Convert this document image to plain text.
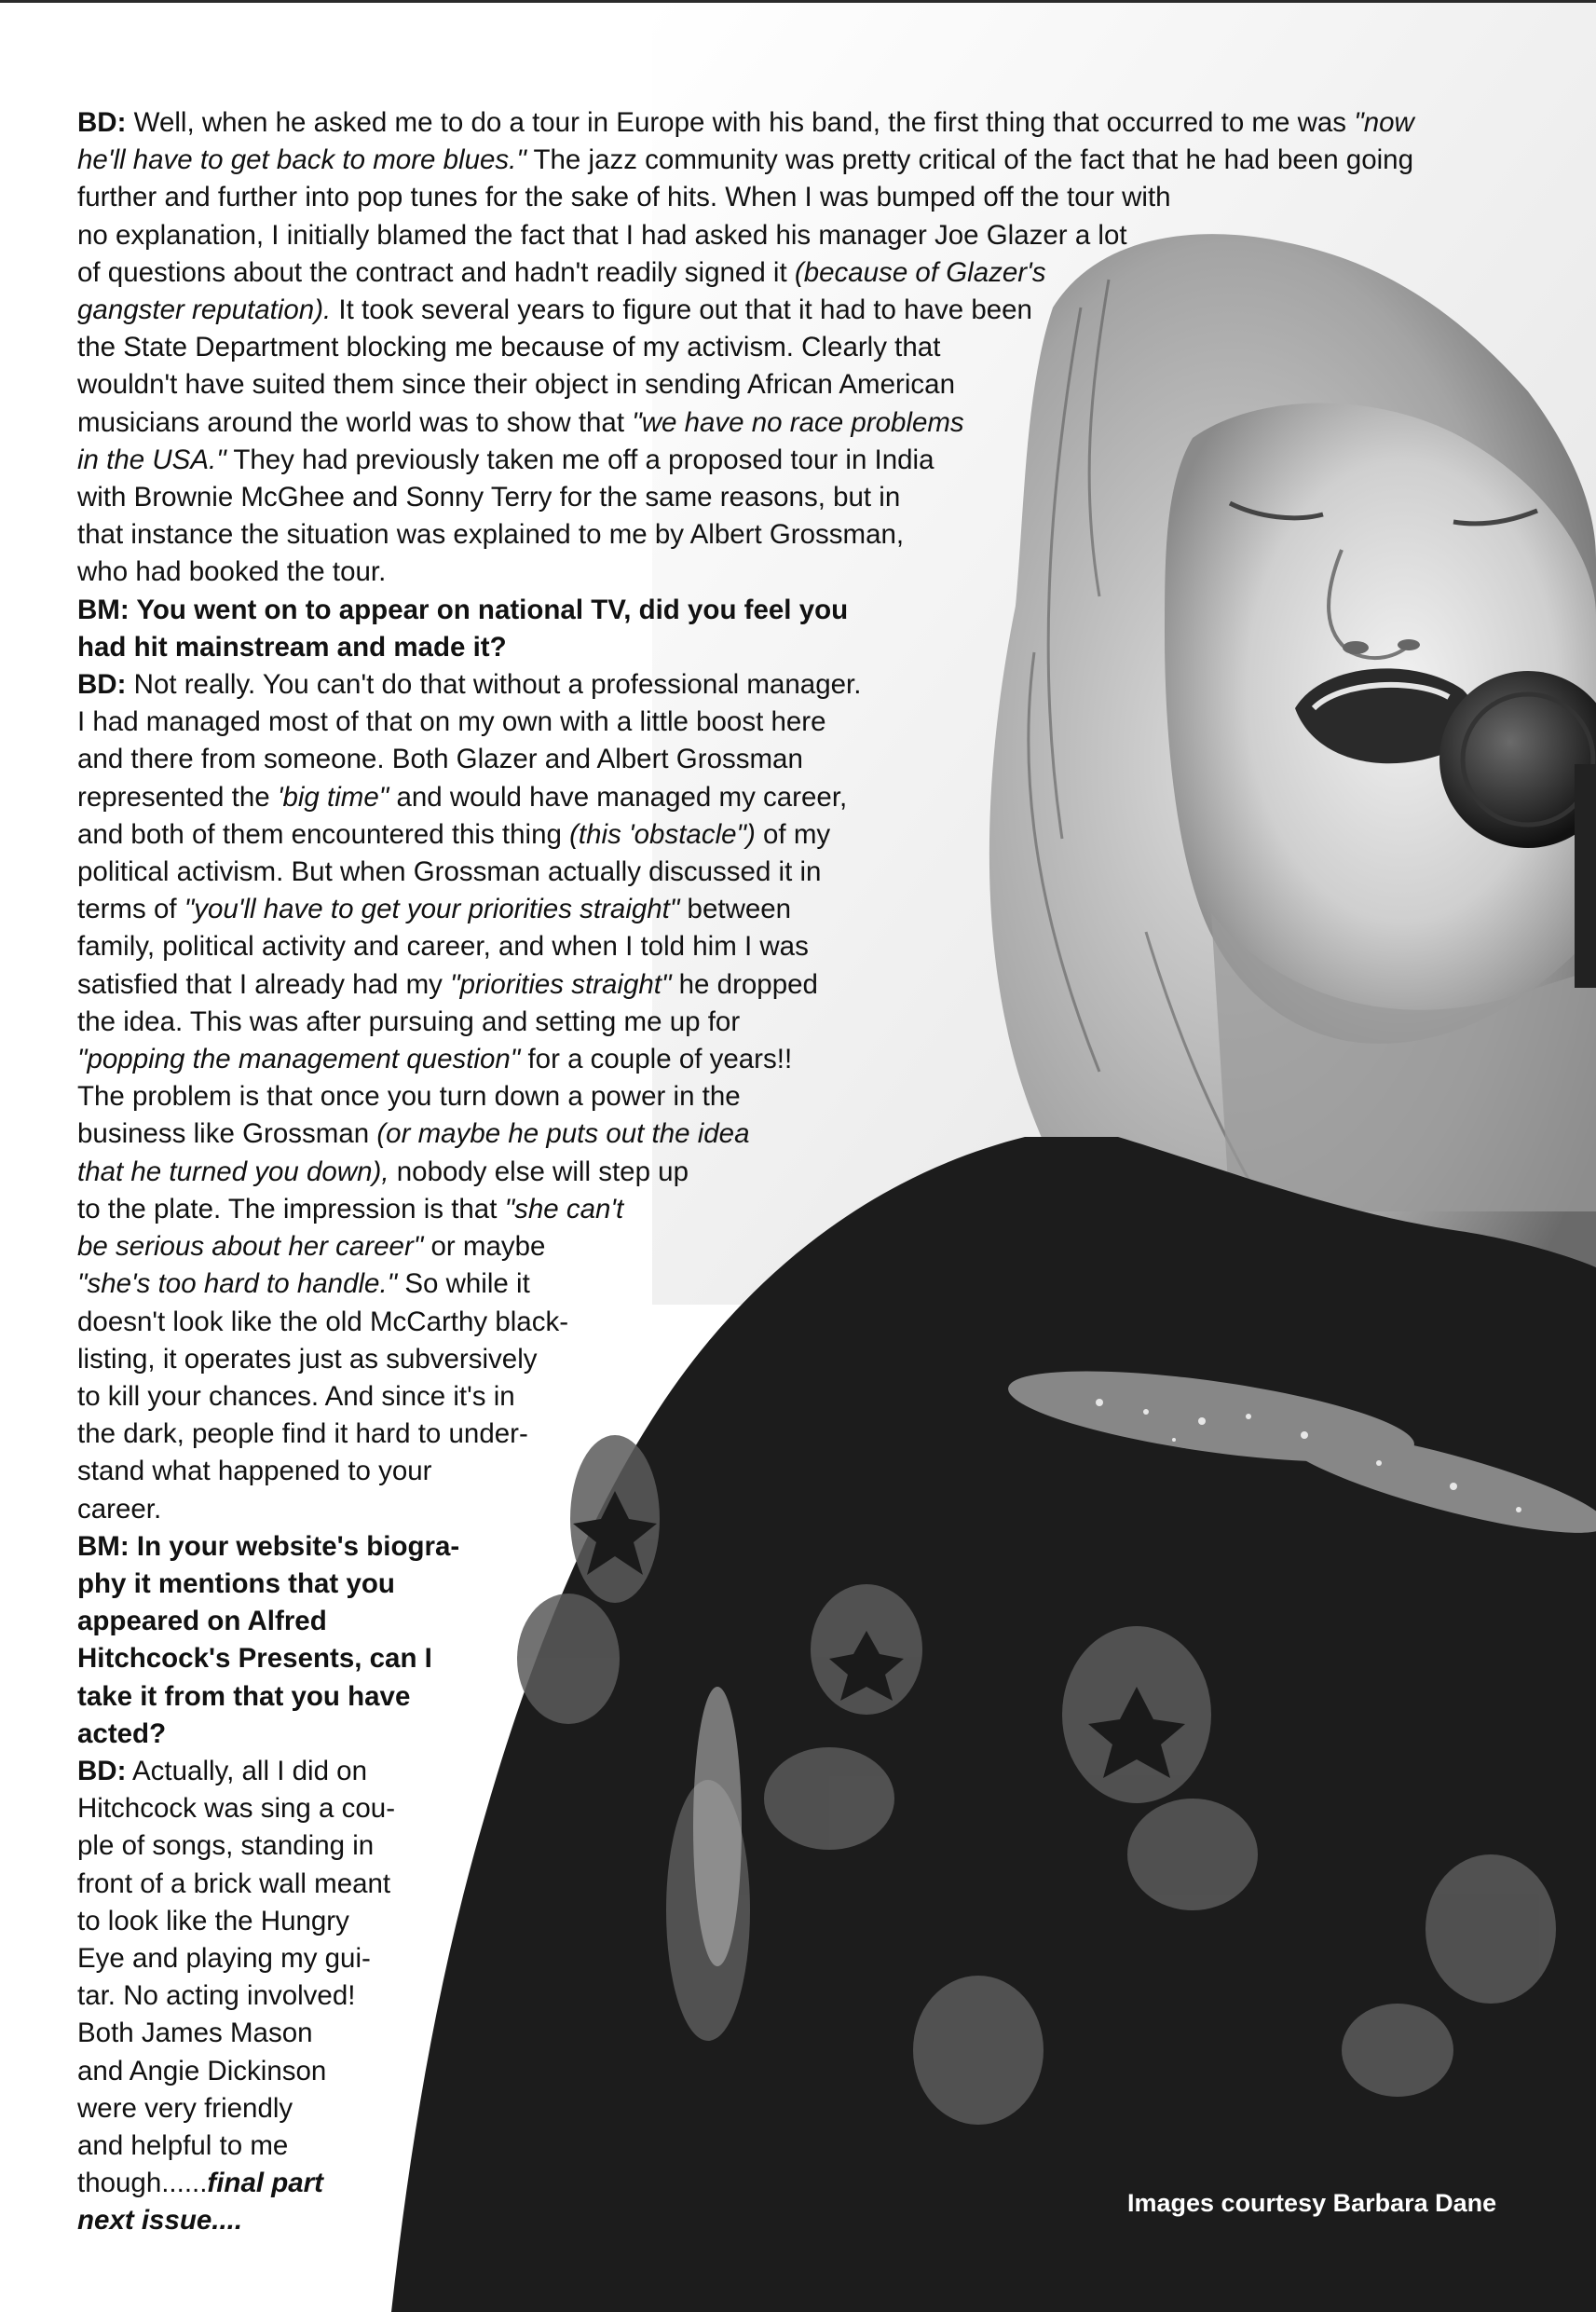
BD: Well, when he asked me to do a tour in Europe with his band, the first thing that occurred to me was "now
he'll have to get back to more blues." The jazz community was pretty critical of the fact that he had been going
further and further into pop tunes for the sake of hits. When I was bumped off the tour with
no explanation, I initially blamed the fact that I had asked his manager Joe Glazer a lot
of questions about the contract and hadn't readily signed it (because of Glazer's
gangster reputation). It took several years to figure out that it had to have been
the State Department blocking me because of my activism. Clearly that
wouldn't have suited them since their object in sending African American
musicians around the world was to show that "we have no race problems
in the USA." They had previously taken me off a proposed tour in India
with Brownie McGhee and Sonny Terry for the same reasons, but in
that instance the situation was explained to me by Albert Grossman,
who had booked the tour.
BM: You went on to appear on national TV, did you feel you
had hit mainstream and made it?
BD: Not really. You can't do that without a professional manager.
I had managed most of that on my own with a little boost here
and there from someone. Both Glazer and Albert Grossman
represented the 'big time" and would have managed my career,
and both of them encountered this thing (this 'obstacle") of my
political activism. But when Grossman actually discussed it in
terms of "you'll have to get your priorities straight" between
family, political activity and career, and when I told him I was
satisfied that I already had my "priorities straight" he dropped
the idea. This was after pursuing and setting me up for
"popping the management question" for a couple of years!!
The problem is that once you turn down a power in the
business like Grossman (or maybe he puts out the idea
that he turned you down), nobody else will step up
to the plate. The impression is that "she can't
be serious about her career" or maybe
"she's too hard to handle." So while it
doesn't look like the old McCarthy black-
listing, it operates just as subversively
to kill your chances. And since it's in
the dark, people find it hard to under-
stand what happened to your
career.
BM: In your website's biogra-
phy it mentions that you
appeared on Alfred
Hitchcock's Presents, can I
take it from that you have
acted?
BD: Actually, all I did on
Hitchcock was sing a cou-
ple of songs, standing in
front of a brick wall meant
to look like the Hungry
Eye and playing my gui-
tar. No acting involved!
Both James Mason
and Angie Dickinson
were very friendly
and helpful to me
though......final part
next issue....
Images courtesy Barbara Dane
